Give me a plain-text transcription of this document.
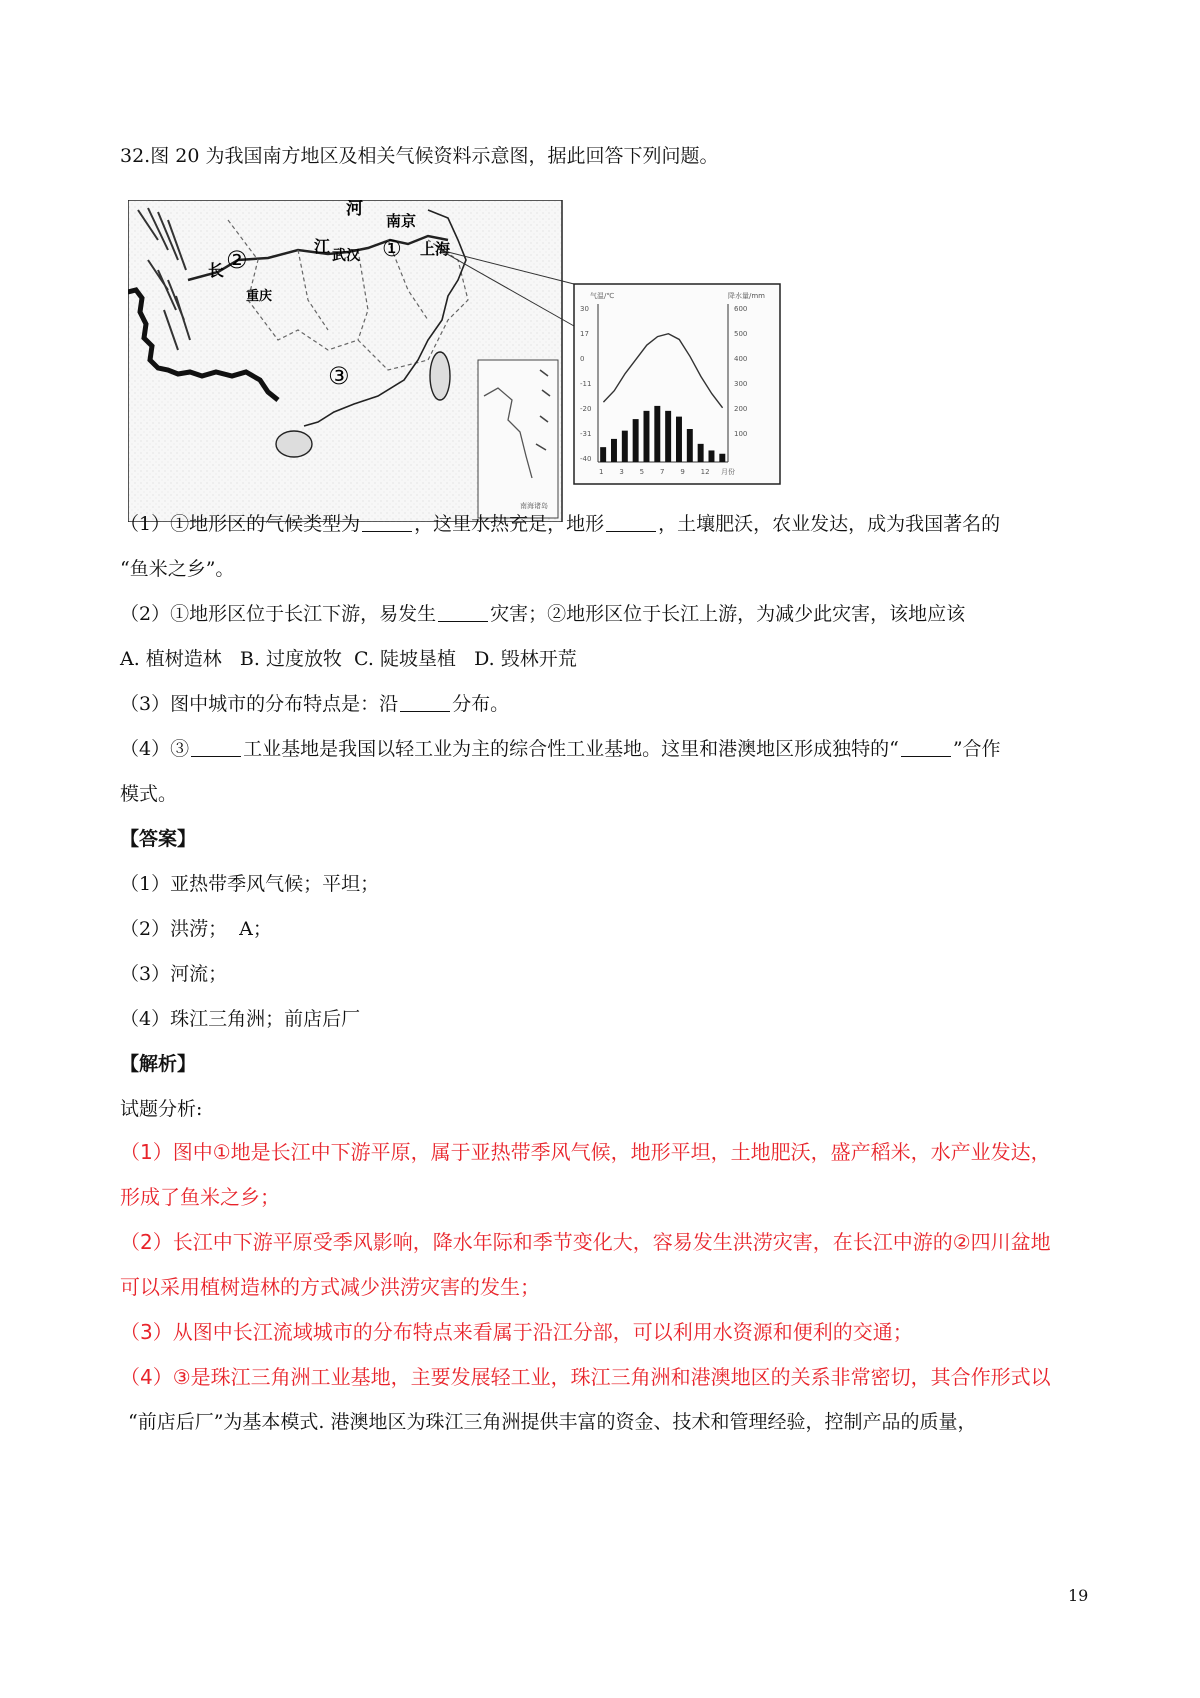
32.图 20 为我国南方地区及相关气候资料示意图，据此回答下列问题。
南海诸岛
河
南京
上海
江 武汉
长 ②
重庆
①
③
气温/℃	降水量/mm
30
17
0
-11
-20
-31
-40
600
500
400
300
200
100
1 3 5 7 9 12 月份
（1）①地形区的气候类型为	，这里水热充足，地形	，土壤肥沃，农业发达，成为我国著名的
“鱼米之乡”。
（2）①地形区位于长江下游，易发生	灾害；②地形区位于长江上游，为减少此灾害，该地应该
A. 植树造林   B. 过度放牧  C. 陡坡垦植   D. 毁林开荒
（3）图中城市的分布特点是：沿	分布。
（4）③	工业基地是我国以轻工业为主的综合性工业基地。这里和港澳地区形成独特的“	”合作
模式。
【答案】
（1）亚热带季风气候；平坦；
（2）洪涝；  A；
（3）河流；
（4）珠江三角洲；前店后厂
【解析】
试题分析:
（1）图中①地是长江中下游平原，属于亚热带季风气候，地形平坦，土地肥沃，盛产稻米，水产业发达，
形成了鱼米之乡；
（2）长江中下游平原受季风影响，降水年际和季节变化大，容易发生洪涝灾害，在长江中游的②四川盆地
可以采用植树造林的方式减少洪涝灾害的发生；
（3）从图中长江流域城市的分布特点来看属于沿江分部，可以利用水资源和便利的交通；
（4）③是珠江三角洲工业基地，主要发展轻工业，珠江三角洲和港澳地区的关系非常密切，其合作形式以
“前店后厂”为基本模式. 港澳地区为珠江三角洲提供丰富的资金、技术和管理经验，控制产品的质量，
19
